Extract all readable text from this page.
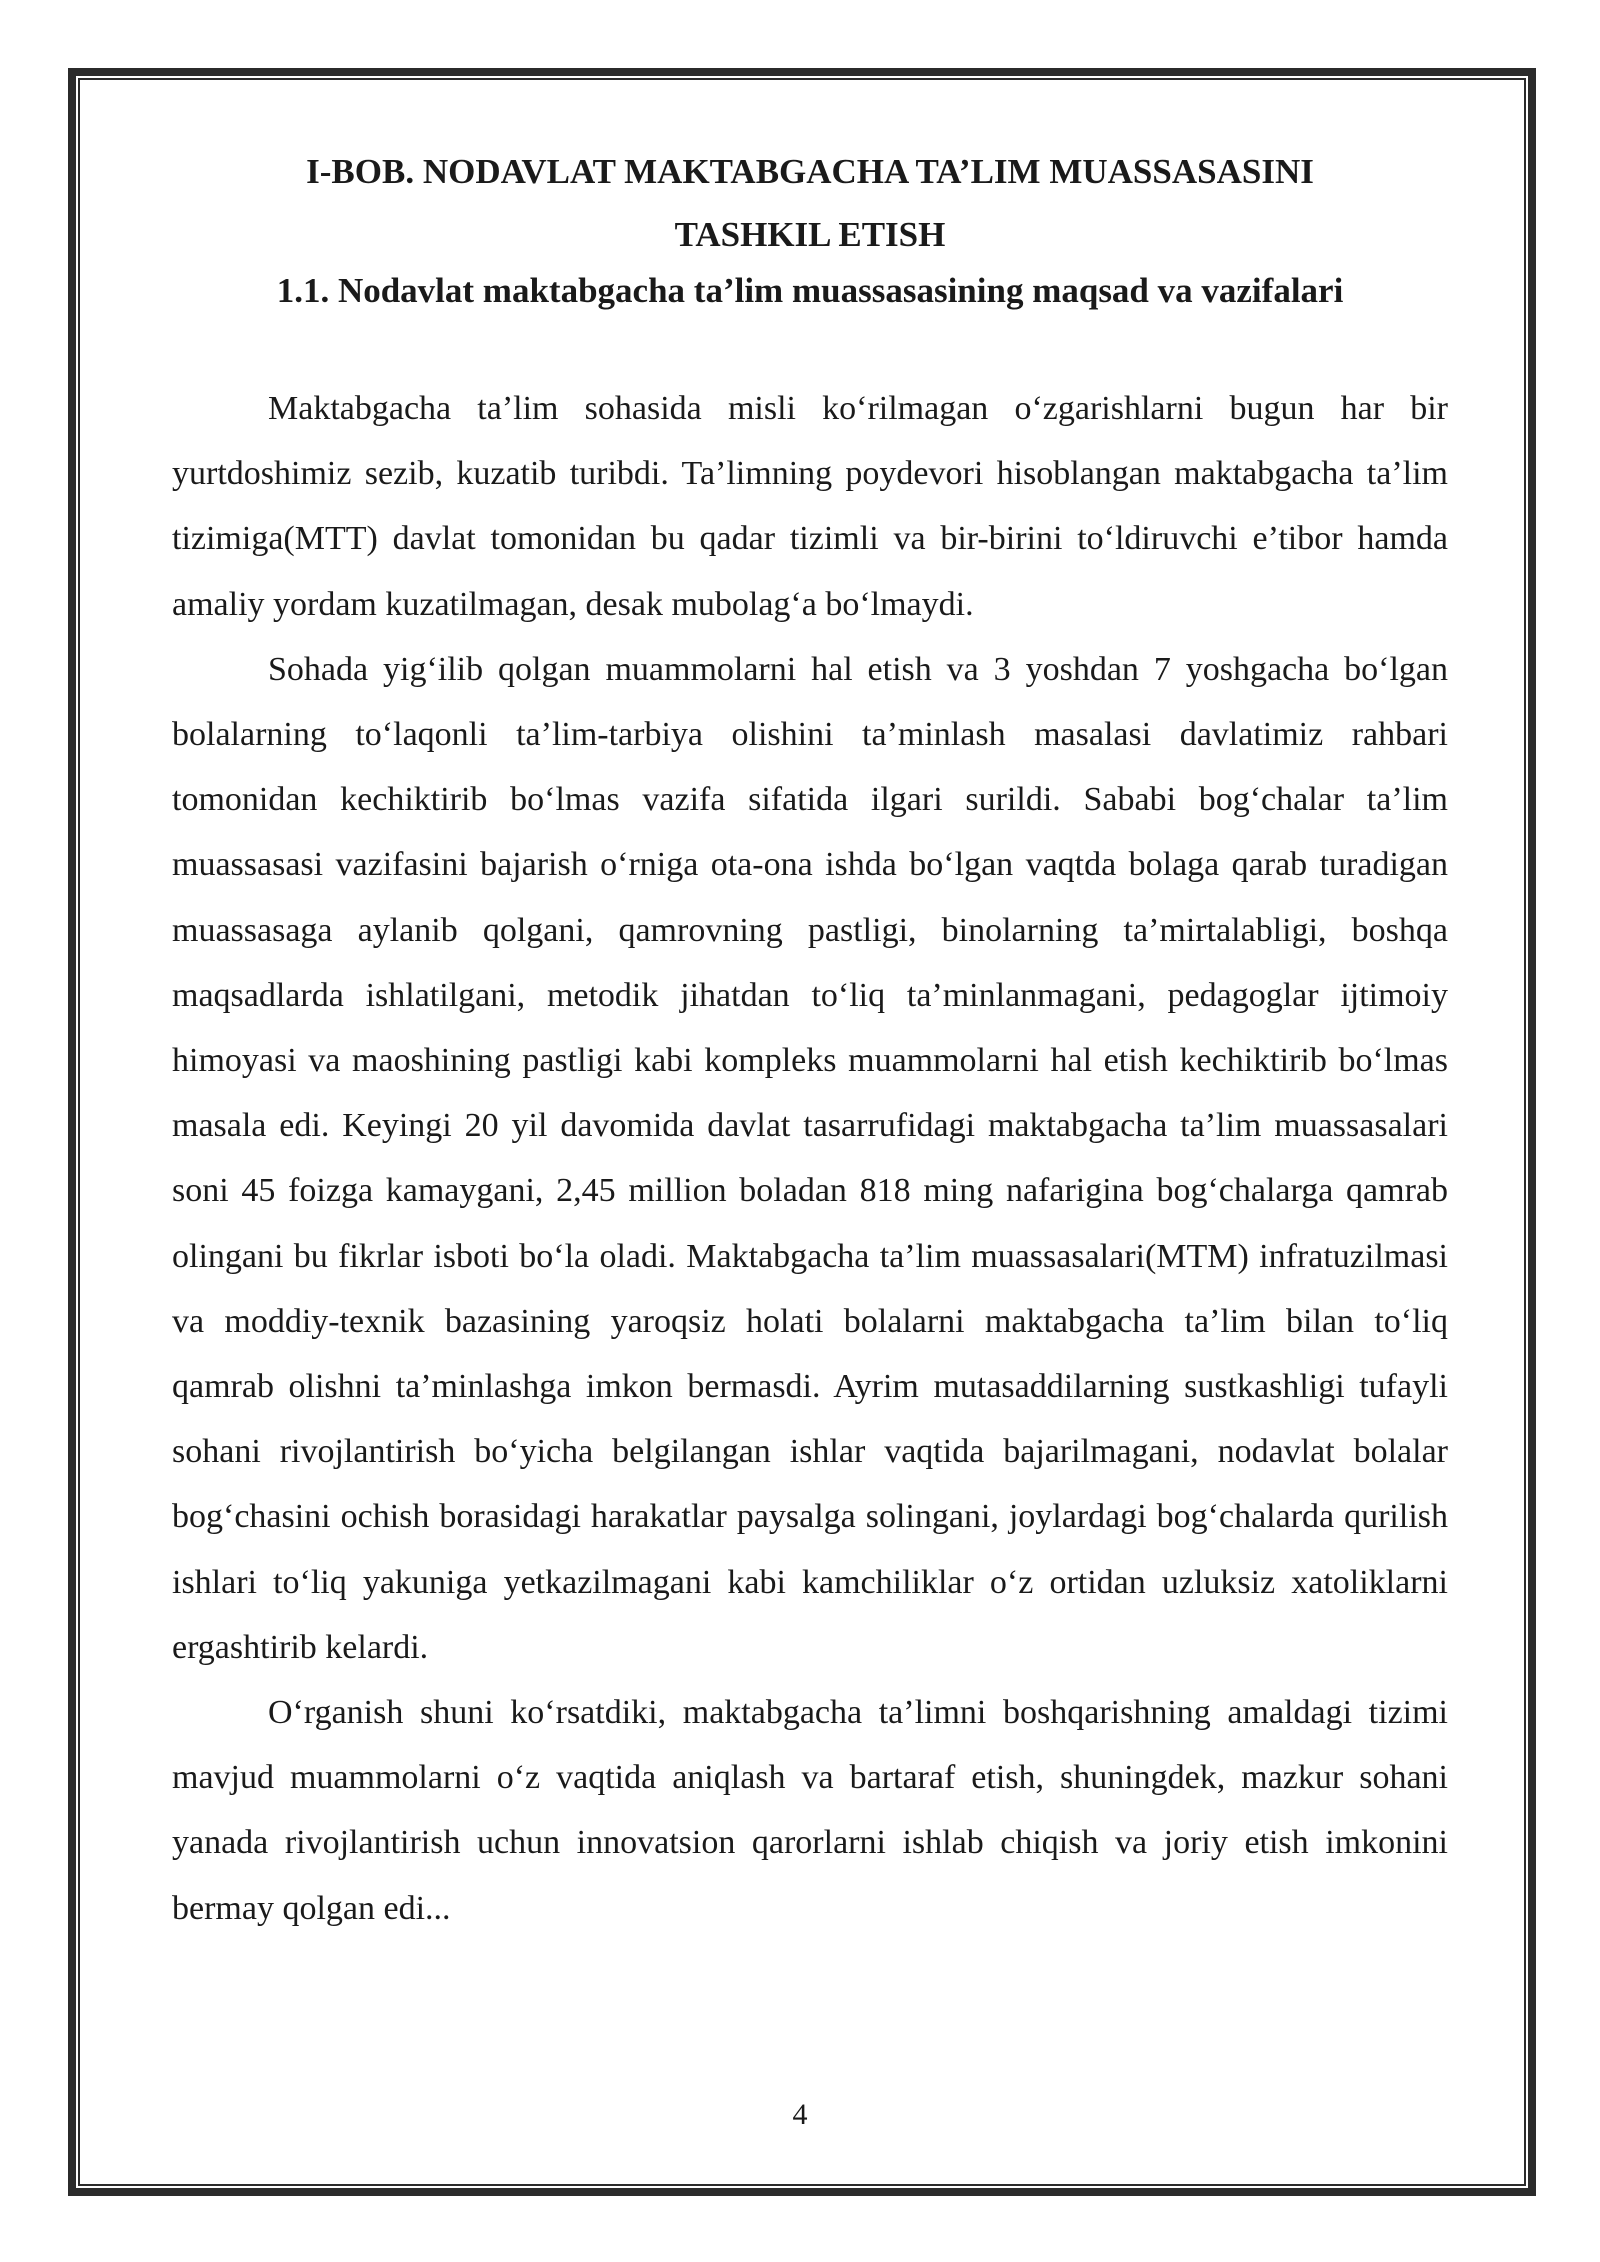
I-BOB. NODAVLAT MAKTABGACHA TA’LIM MUASSASASINI
TASHKIL ETISH
1.1. Nodavlat maktabgacha ta’lim muassasasining maqsad va vazifalari

Maktabgacha ta’lim sohasida misli ko‘rilmagan o‘zgarishlarni bugun har bir yurtdoshimiz sezib, kuzatib turibdi. Ta’limning poydevori hisoblangan maktabgacha ta’lim tizimiga(MTT) davlat tomonidan bu qadar tizimli va bir-birini to‘ldiruvchi e’tibor hamda amaliy yordam kuzatilmagan, desak mubolag‘a bo‘lmaydi.

Sohada yig‘ilib qolgan muammolarni hal etish va 3 yoshdan 7 yoshgacha bo‘lgan bolalarning to‘laqonli ta’lim-tarbiya olishini ta’minlash masalasi davlatimiz rahbari tomonidan kechiktirib bo‘lmas vazifa sifatida ilgari surildi. Sababi bog‘chalar ta’lim muassasasi vazifasini bajarish o‘rniga ota-ona ishda bo‘lgan vaqtda bolaga qarab turadigan muassasaga aylanib qolgani, qamrovning pastligi, binolarning ta’mirtalabligi, boshqa maqsadlarda ishlatilgani, metodik jihatdan to‘liq ta’minlanmagani, pedagoglar ijtimoiy himoyasi va maoshining pastligi kabi kompleks muammolarni hal etish kechiktirib bo‘lmas masala edi. Keyingi 20 yil davomida davlat tasarrufidagi maktabgacha ta’lim muassasalari soni 45 foizga kamaygani, 2,45 million boladan 818 ming nafarigina bog‘chalarga qamrab olingani bu fikrlar isboti bo‘la oladi. Maktabgacha ta’lim muassasalari(MTM) infratuzilmasi va moddiy-texnik bazasining yaroqsiz holati bolalarni maktabgacha ta’lim bilan to‘liq qamrab olishni ta’minlashga imkon bermasdi. Ayrim mutasaddilarning sustkashligi tufayli sohani rivojlantirish bo‘yicha belgilangan ishlar vaqtida bajarilmagani, nodavlat bolalar bog‘chasini ochish borasidagi harakatlar paysalga solingani, joylardagi bog‘chalarda qurilish ishlari to‘liq yakuniga yetkazilmagani kabi kamchiliklar o‘z ortidan uzluksiz xatoliklarni ergashtirib kelardi.

O‘rganish shuni ko‘rsatdiki, maktabgacha ta’limni boshqarishning amaldagi tizimi mavjud muammolarni o‘z vaqtida aniqlash va bartaraf etish, shuningdek, mazkur sohani yanada rivojlantirish uchun innovatsion qarorlarni ishlab chiqish va joriy etish imkonini bermay qolgan edi...

4
